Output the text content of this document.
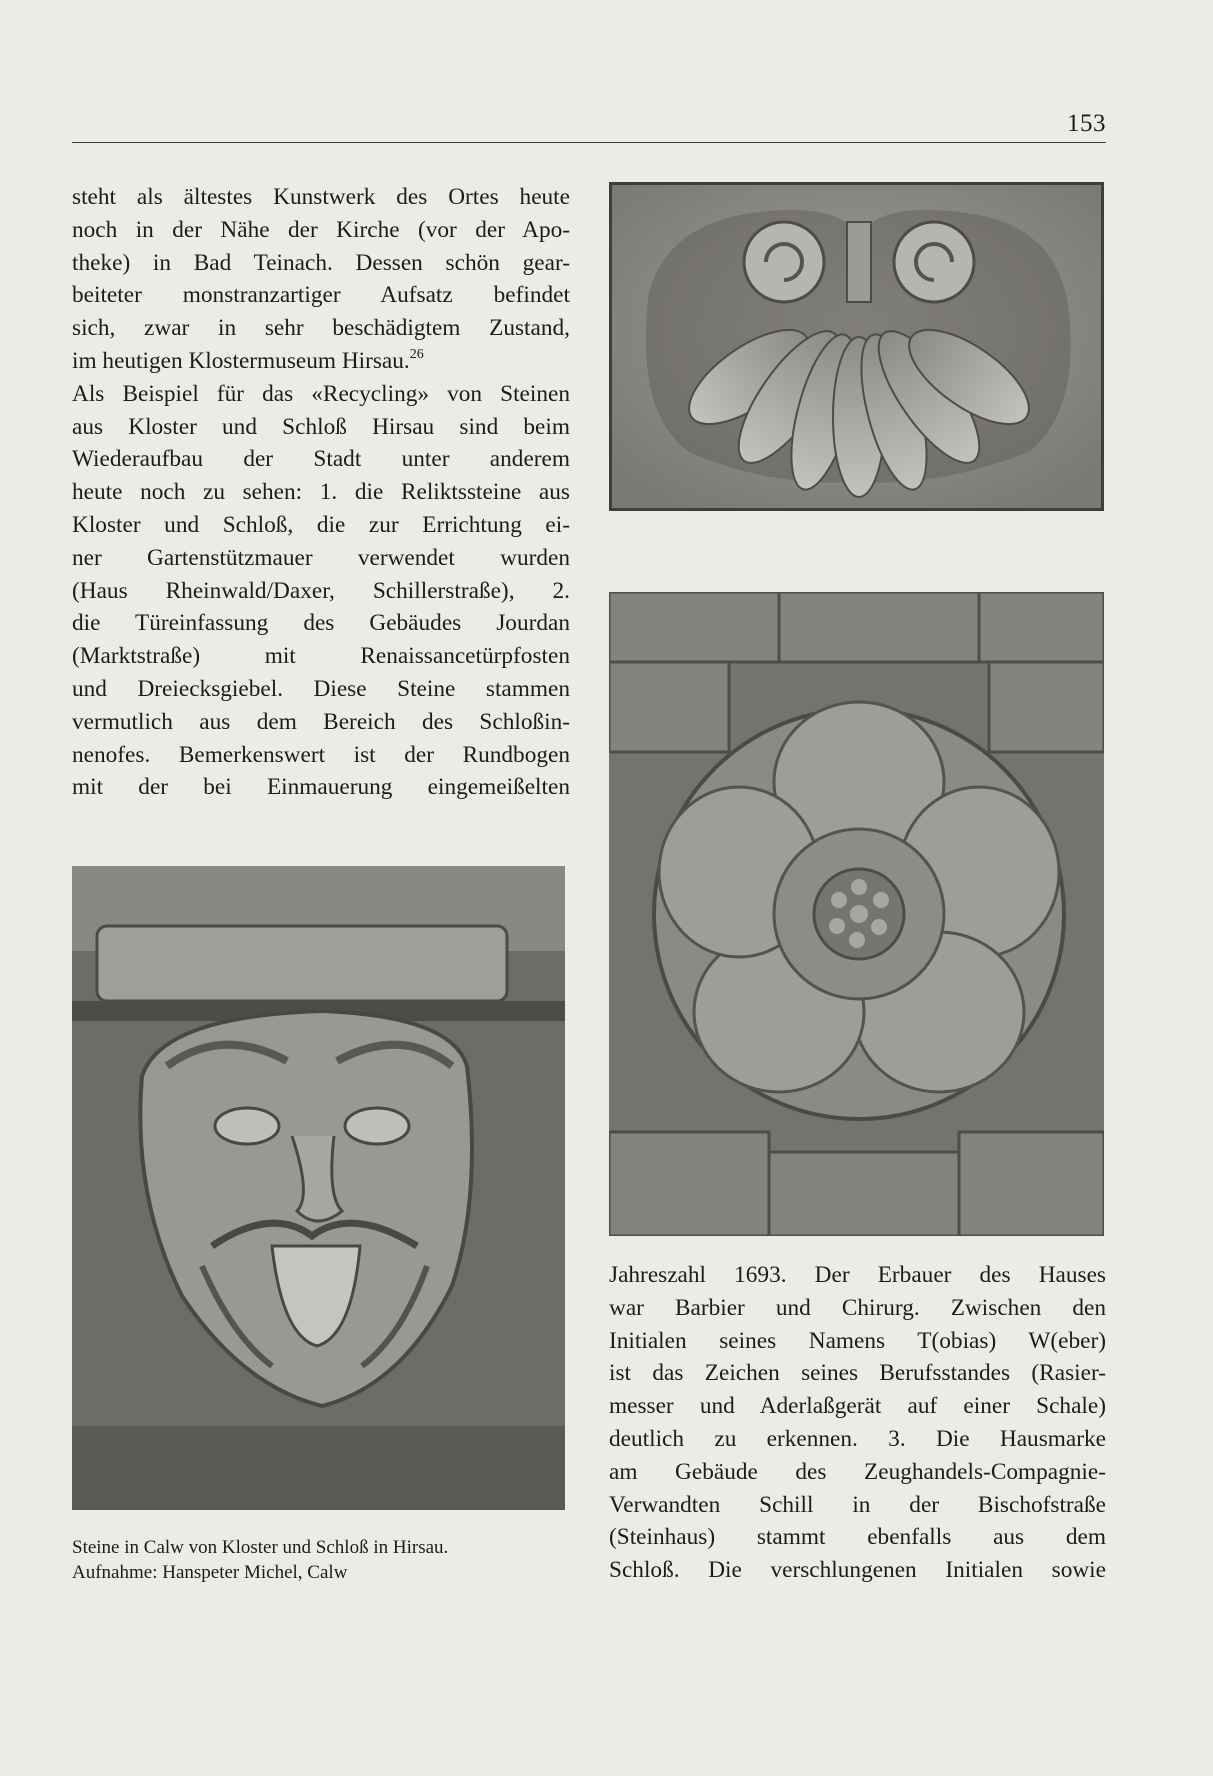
153
steht als ältestes Kunstwerk des Ortes heute
noch in der Nähe der Kirche (vor der Apo-
theke) in Bad Teinach. Dessen schön gear-
beiteter monstranzartiger Aufsatz befindet
sich, zwar in sehr beschädigtem Zustand,
im heutigen Klostermuseum Hirsau.$^{26}$
Als Beispiel für das «Recycling» von Steinen
aus Kloster und Schloß Hirsau sind beim
Wiederaufbau der Stadt unter anderem
heute noch zu sehen: 1. die Reliktssteine aus
Kloster und Schloß, die zur Errichtung ei-
ner Gartenstützmauer verwendet wurden
(Haus Rheinwald/Daxer, Schillerstraße), 2.
die Türeinfassung des Gebäudes Jourdan
(Marktstraße) mit Renaissancetürpfosten
und Dreiecksgiebel. Diese Steine stammen
vermutlich aus dem Bereich des Schloßin-
nenofes. Bemerkenswert ist der Rundbogen
mit der bei Einmauerung eingemeißelten
Steine in Calw von Kloster und Schloß in Hirsau.
Aufnahme: Hanspeter Michel, Calw
Jahreszahl 1693. Der Erbauer des Hauses
war Barbier und Chirurg. Zwischen den
Initialen seines Namens T(obias) W(eber)
ist das Zeichen seines Berufsstandes (Rasier-
messer und Aderlaßgerät auf einer Schale)
deutlich zu erkennen. 3. Die Hausmarke
am Gebäude des Zeughandels-Compagnie-
Verwandten Schill in der Bischofstraße
(Steinhaus) stammt ebenfalls aus dem
Schloß. Die verschlungenen Initialen sowie
